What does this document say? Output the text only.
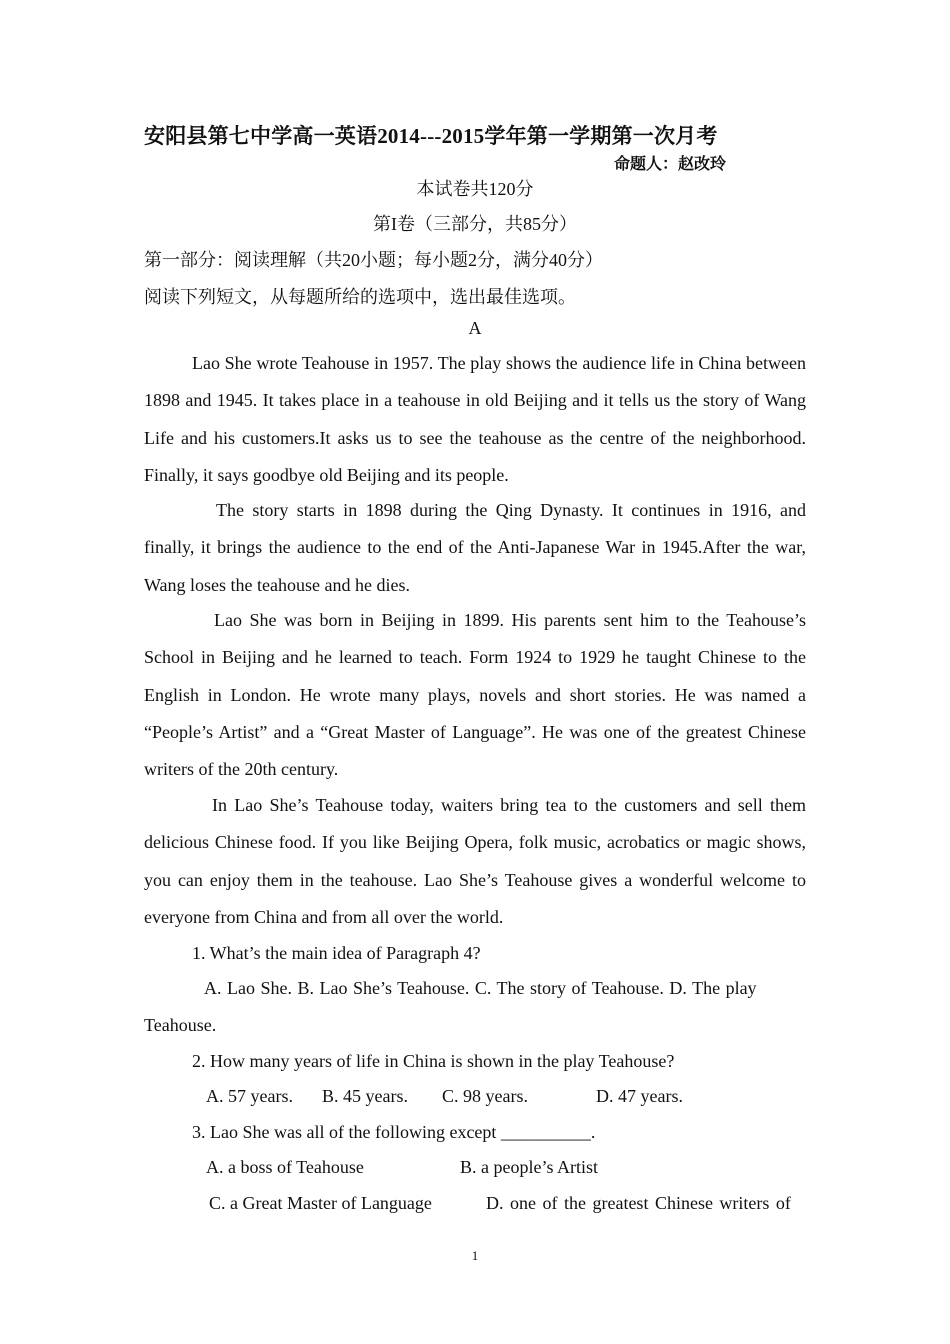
安阳县第七中学高一英语2014---2015学年第一学期第一次月考
命题人：赵改玲
本试卷共120分
第I卷（三部分，共85分）
第一部分：阅读理解（共20小题；每小题2分，满分40分）
阅读下列短文，从每题所给的选项中，选出最佳选项。
A

Lao She wrote Teahouse in 1957. The play shows the audience life in China between 1898 and 1945. It takes place in a teahouse in old Beijing and it tells us the story of Wang Life and his customers.It asks us to see the teahouse as the centre of the neighborhood. Finally, it says goodbye old Beijing and its people.

The story starts in 1898 during the Qing Dynasty. It continues in 1916, and finally, it brings the audience to the end of the Anti-Japanese War in 1945.After the war, Wang loses the teahouse and he dies.

Lao She was born in Beijing in 1899. His parents sent him to the Teahouse’s School in Beijing and he learned to teach. Form 1924 to 1929 he taught Chinese to the English in London. He wrote many plays, novels and short stories. He was named a “People’s Artist” and a “Great Master of Language”. He was one of the greatest Chinese writers of the 20th century.

In Lao She’s Teahouse today, waiters bring tea to the customers and sell them delicious Chinese food. If you like Beijing Opera, folk music, acrobatics or magic shows, you can enjoy them in the teahouse. Lao She’s Teahouse gives a wonderful welcome to everyone from China and from all over the world.

1. What’s the main idea of Paragraph 4?
A. Lao She. B. Lao She’s Teahouse. C. The story of Teahouse. D. The play
Teahouse.
2. How many years of life in China is shown in the play Teahouse?
A. 57 years. B. 45 years. C. 98 years.	D. 47 years.
3. Lao She was all of the following except __________.
A. a boss of Teahouse	B. a people’s Artist
C. a Great Master of Language	D. one of the greatest Chinese writers of
1
